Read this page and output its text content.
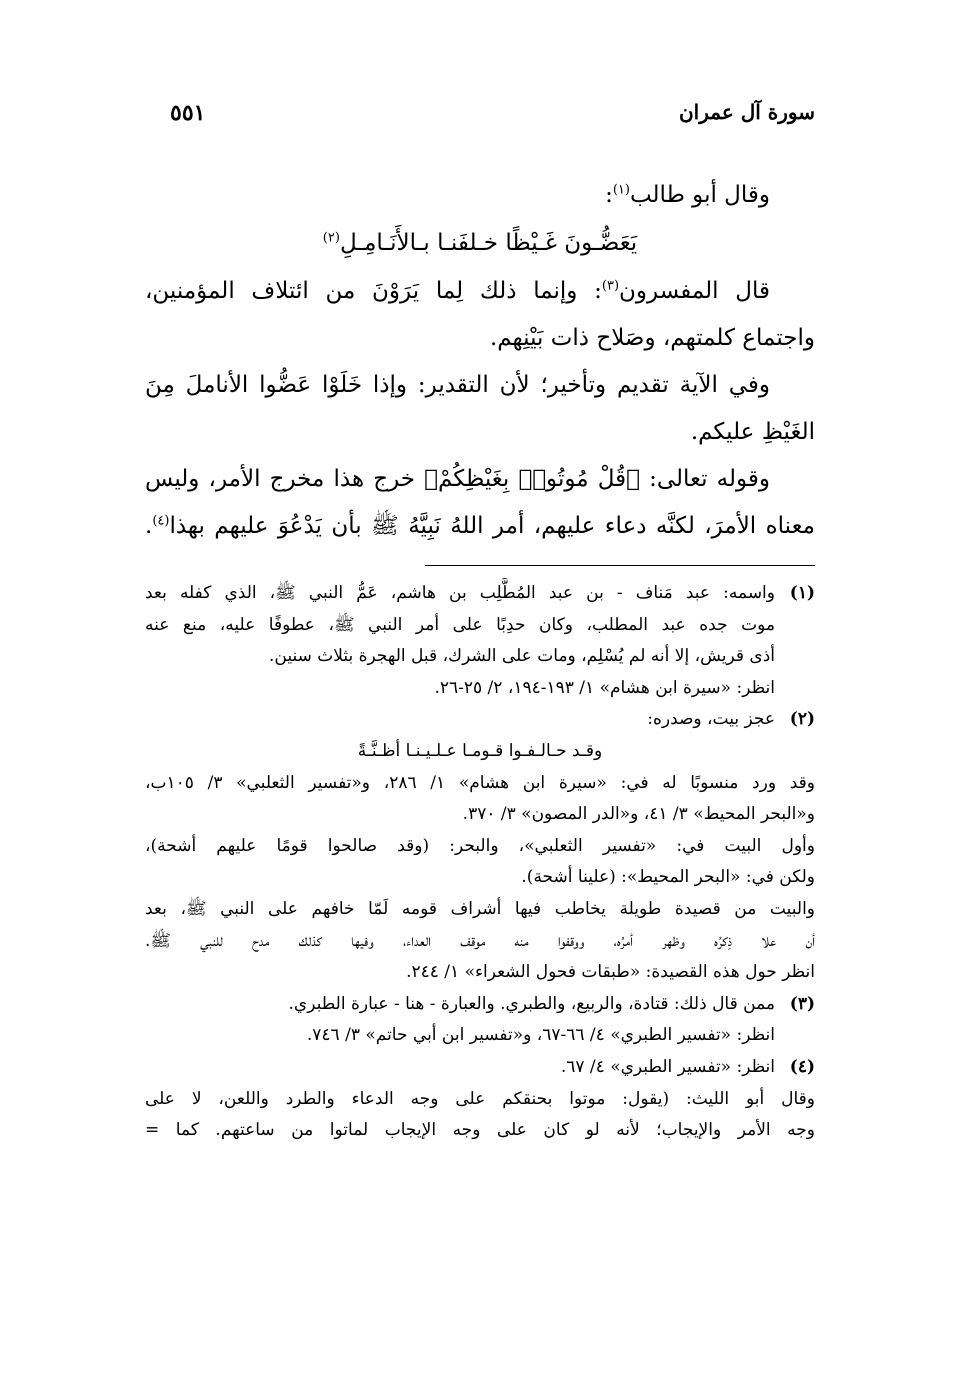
سورة آل عمران
٥٥١
وقال أبو طالب$^{(١)}$:
يَعَضُّـونَ غَـيْظًا خـلفَنـا بـالأَنَـامِـلِ$^{(٢)}$
قال المفسرون$^{(٣)}$: وإنما ذلك لِما يَرَوْنَ من ائتلاف المؤمنين،
واجتماع كلمتهم، وصَلاح ذات بَيْنِهم.
وفي الآية تقديم وتأخير؛ لأن التقدير: وإذا خَلَوْا عَضُّوا الأناملَ مِنَ
الغَيْظِ عليكم.
وقوله تعالى: ﴿قُلْ مُوتُوا۟ بِغَيْظِكُمْ﴾ خرج هذا مخرج الأمر، وليس
معناه الأمرَ، لكنَّه دعاء عليهم، أمر اللهُ نَبِيَّهُ ﷺ بأن يَدْعُوَ عليهم بهذا$^{(٤)}$.
(١)
واسمه: عبد مَناف - بن عبد المُطَّلِب بن هاشم، عَمُّ النبي ﷺ، الذي كفله بعد
موت جده عبد المطلب، وكان حدِبًا على أمر النبي ﷺ، عطوفًا عليه، منع عنه
أذى قريش، إلا أنه لم يُسْلِم، ومات على الشرك، قبل الهجرة بثلاث سنين.
انظر: «سيرة ابن هشام» ١/ ١٩٣-١٩٤، ٢/ ٢٥-٢٦.
(٢)
عجز بيت، وصدره:
وقـد حـالـفـوا قـومـا عـلـيـنـا أظـنَّـةً
وقد ورد منسوبًا له في: «سيرة ابن هشام» ١/ ٢٨٦، و«تفسير الثعلبي» ٣/ ١٠٥ب،
و«البحر المحيط» ٣/ ٤١، و«الدر المصون» ٣/ ٣٧٠.
وأول البيت في: «تفسير الثعلبي»، والبحر: (وقد صالحوا قومًا عليهم أشحة)،
ولكن في: «البحر المحيط»: (علينا أشحة).
والبيت من قصيدة طويلة يخاطب فيها أشراف قومه لَمّا خافهم على النبي ﷺ، بعد
أن علا ذِكرُه وظهر أمرُه، ووقفوا منه موقف العداء، وفيها كذلك مدح للنبي ﷺ.
انظر حول هذه القصيدة: «طبقات فحول الشعراء» ١/ ٢٤٤.
(٣)
ممن قال ذلك: قتادة، والربيع، والطبري. والعبارة - هنا - عبارة الطبري.
انظر: «تفسير الطبري» ٤/ ٦٦-٦٧، و«تفسير ابن أبي حاتم» ٣/ ٧٤٦.
(٤)
انظر: «تفسير الطبري» ٤/ ٦٧.
وقال أبو الليث: (يقول: موتوا بحنقكم على وجه الدعاء والطرد واللعن، لا على
وجه الأمر والإيجاب؛ لأنه لو كان على وجه الإيجاب لماتوا من ساعتهم. كما =
